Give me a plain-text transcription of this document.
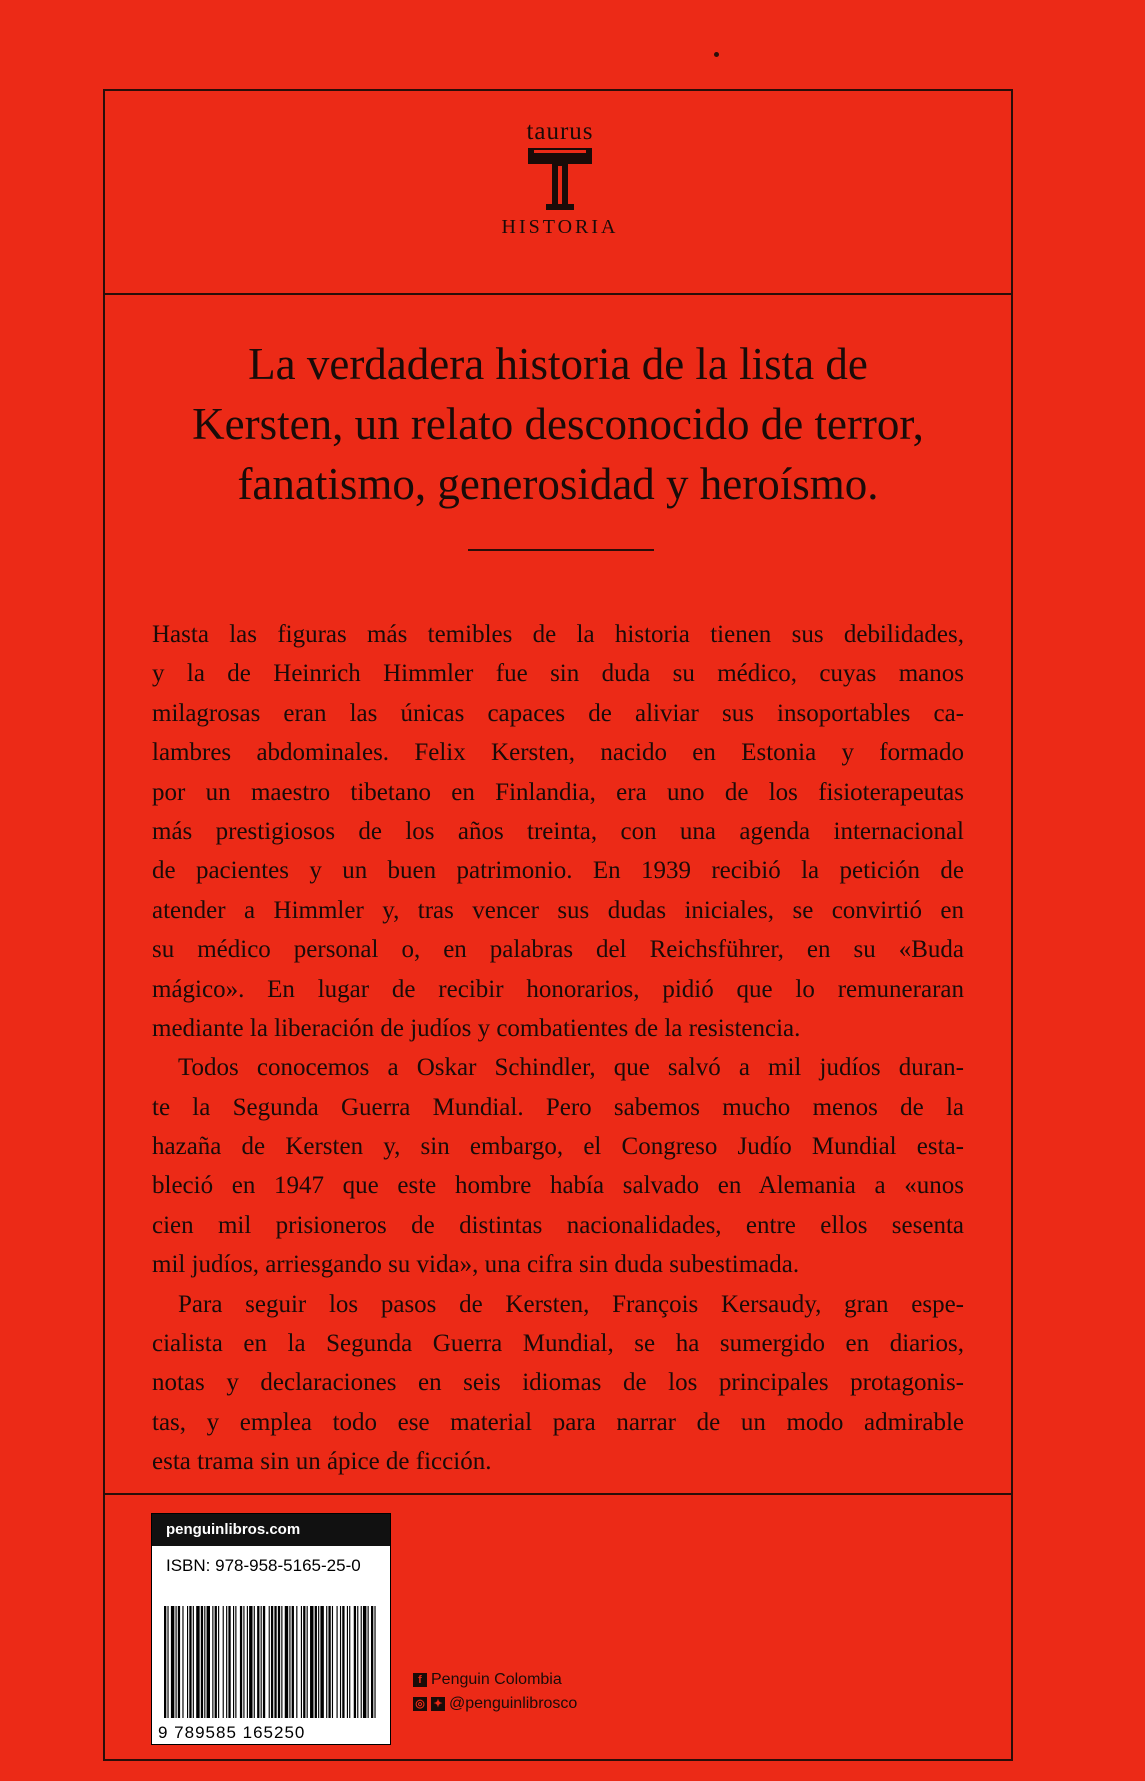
taurus
HISTORIA
La verdadera historia de la lista de
Kersten, un relato desconocido de terror,
fanatismo, generosidad y heroísmo.
Hasta las figuras más temibles de la historia tienen sus debilidades,
y la de Heinrich Himmler fue sin duda su médico, cuyas manos
milagrosas eran las únicas capaces de aliviar sus insoportables ca-
lambres abdominales. Felix Kersten, nacido en Estonia y formado
por un maestro tibetano en Finlandia, era uno de los fisioterapeutas
más prestigiosos de los años treinta, con una agenda internacional
de pacientes y un buen patrimonio. En 1939 recibió la petición de
atender a Himmler y, tras vencer sus dudas iniciales, se convirtió en
su médico personal o, en palabras del Reichsführer, en su «Buda
mágico». En lugar de recibir honorarios, pidió que lo remuneraran
mediante la liberación de judíos y combatientes de la resistencia.
Todos conocemos a Oskar Schindler, que salvó a mil judíos duran-
te la Segunda Guerra Mundial. Pero sabemos mucho menos de la
hazaña de Kersten y, sin embargo, el Congreso Judío Mundial esta-
bleció en 1947 que este hombre había salvado en Alemania a «unos
cien mil prisioneros de distintas nacionalidades, entre ellos sesenta
mil judíos, arriesgando su vida», una cifra sin duda subestimada.
Para seguir los pasos de Kersten, François Kersaudy, gran espe-
cialista en la Segunda Guerra Mundial, se ha sumergido en diarios,
notas y declaraciones en seis idiomas de los principales protagonis-
tas, y emplea todo ese material para narrar de un modo admirable
esta trama sin un ápice de ficción.
penguinlibros.com
ISBN: 978-958-5165-25-0
9 789585 165250
f Penguin Colombia
◎ ✦ @penguinlibrosco
